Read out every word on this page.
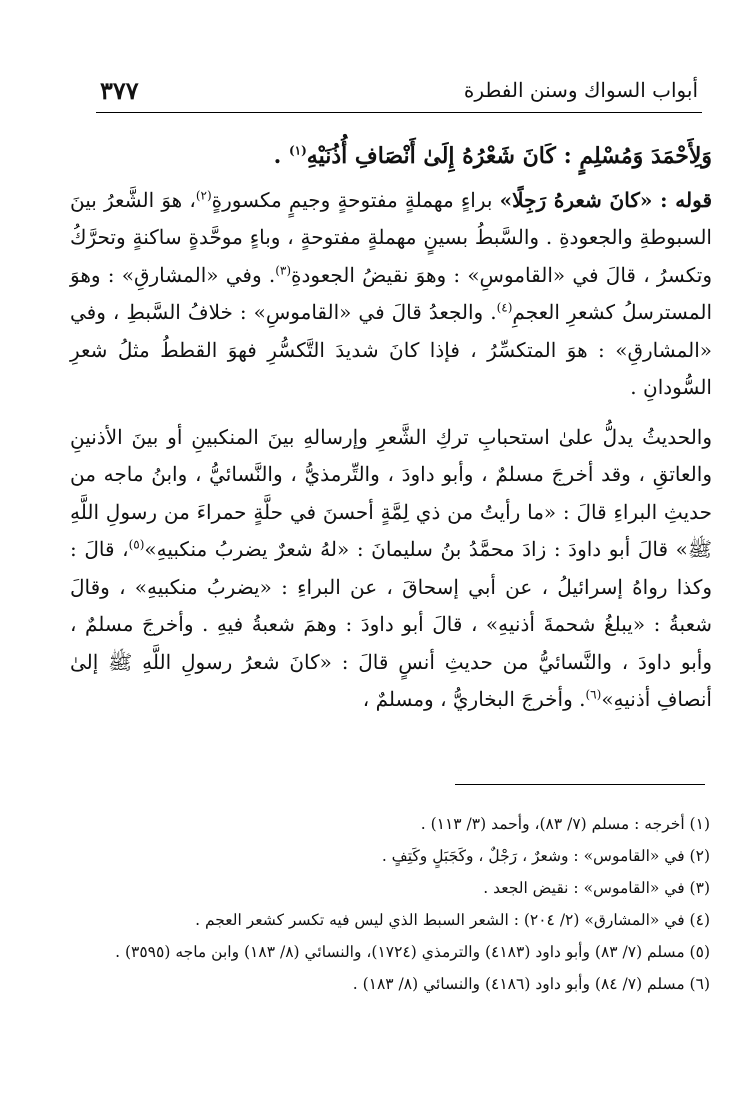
أبواب السواك وسنن الفطرة
٣٧٧

وَلِأَحْمَدَ وَمُسْلِمٍ : كَانَ شَعْرُهُ إِلَىٰ أَنْصَافِ أُذُنَيْهِ$^{(١)}$ .

قوله : «كانَ شعرهُ رَجِلًا» براءٍ مهملةٍ مفتوحةٍ وجيمٍ مكسورةٍ$^{(٢)}$، هوَ الشَّعرُ بينَ السبوطةِ والجعودةِ . والسَّبطُ بسينٍ مهملةٍ مفتوحةٍ ، وباءٍ موحَّدةٍ ساكنةٍ وتحرَّكُ وتكسرُ ، قالَ في «القاموسِ» : وهوَ نقيضُ الجعودةِ$^{(٣)}$. وفي «المشارقِ» : وهوَ المسترسلُ كشعرِ العجمِ$^{(٤)}$. والجعدُ قالَ في «القاموسِ» : خلافُ السَّبطِ ، وفي «المشارقِ» : هوَ المتكسِّرُ ، فإذا كانَ شديدَ التَّكسُّرِ فهوَ القططُ مثلُ شعرِ السُّودانِ .

والحديثُ يدلُّ علىٰ استحبابِ تركِ الشَّعرِ وإرسالهِ بينَ المنكبينِ أو بينَ الأذنينِ والعاتقِ ، وقد أخرجَ مسلمٌ ، وأبو داودَ ، والتِّرمذيُّ ، والنَّسائيُّ ، وابنُ ماجه من حديثِ البراءِ قالَ : «ما رأيتُ من ذي لِمَّةٍ أحسنَ في حلَّةٍ حمراءَ من رسولِ اللَّهِ ﷺ» قالَ أبو داودَ : زادَ محمَّدُ بنُ سليمانَ : «لهُ شعرٌ يضربُ منكبيهِ»$^{(٥)}$، قالَ : وكذا رواهُ إسرائيلُ ، عن أبي إسحاقَ ، عن البراءِ : «يضربُ منكبيهِ» ، وقالَ شعبةُ : «يبلغُ شحمةَ أذنيهِ» ، قالَ أبو داودَ : وهمَ شعبةُ فيهِ . وأخرجَ مسلمٌ ، وأبو داودَ ، والنَّسائيُّ من حديثِ أنسٍ قالَ : «كانَ شعرُ رسولِ اللَّهِ ﷺ إلىٰ أنصافِ أذنيهِ»$^{(٦)}$. وأخرجَ البخاريُّ ، ومسلمٌ ،

(١) أخرجه : مسلم (٧/ ٨٣)، وأحمد (٣/ ١١٣) .

(٢) في «القاموس» : وشعرٌ ، رَجْلٌ ، وكَجَبَلٍ وكَتِفٍ .

(٣) في «القاموس» : نقيض الجعد .

(٤) في «المشارق» (٢/ ٢٠٤) : الشعر السبط الذي ليس فيه تكسر كشعر العجم .

(٥) مسلم (٧/ ٨٣) وأبو داود (٤١٨٣) والترمذي (١٧٢٤)، والنسائي (٨/ ١٨٣) وابن ماجه (٣٥٩٥) .

(٦) مسلم (٧/ ٨٤) وأبو داود (٤١٨٦) والنسائي (٨/ ١٨٣) .
